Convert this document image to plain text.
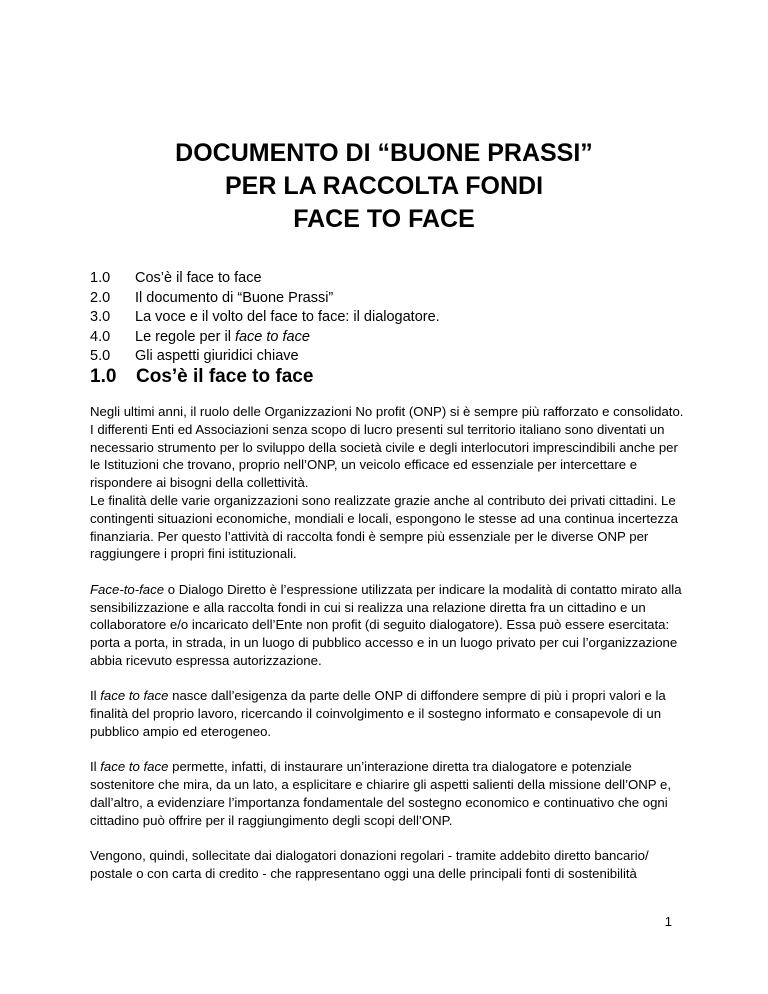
DOCUMENTO DI “BUONE PRASSI”
PER LA RACCOLTA FONDI
FACE TO FACE
1.0	Cos’è il face to face
2.0	Il documento di “Buone Prassi”
3.0	La voce e il volto del face to face: il dialogatore.
4.0	Le regole per il face to face
5.0	Gli aspetti giuridici chiave
1.0 Cos’è il face to face

Negli ultimi anni, il ruolo delle Organizzazioni No profit (ONP) si è sempre più rafforzato e consolidato. I differenti Enti ed Associazioni senza scopo di lucro presenti sul territorio italiano sono diventati un necessario strumento per lo sviluppo della società civile e degli interlocutori imprescindibili anche per le Istituzioni che trovano, proprio nell’ONP, un veicolo efficace ed essenziale per intercettare e rispondere ai bisogni della collettività.

Le finalità delle varie organizzazioni sono realizzate grazie anche al contributo dei privati cittadini. Le contingenti situazioni economiche, mondiali e locali, espongono le stesse ad una continua incertezza finanziaria. Per questo l’attività di raccolta fondi è sempre più essenziale per le diverse ONP per raggiungere i propri fini istituzionali.

Face-to-face o Dialogo Diretto è l’espressione utilizzata per indicare la modalità di contatto mirato alla sensibilizzazione e alla raccolta fondi in cui si realizza una relazione diretta fra un cittadino e un collaboratore e/o incaricato dell’Ente non profit (di seguito dialogatore). Essa può essere esercitata: porta a porta, in strada, in un luogo di pubblico accesso e in un luogo privato per cui l’organizzazione abbia ricevuto espressa autorizzazione.

Il face to face nasce dall’esigenza da parte delle ONP di diffondere sempre di più i propri valori e la finalità del proprio lavoro, ricercando il coinvolgimento e il sostegno informato e consapevole di un pubblico ampio ed eterogeneo.

Il face to face permette, infatti, di instaurare un’interazione diretta tra dialogatore e potenziale sostenitore che mira, da un lato, a esplicitare e chiarire gli aspetti salienti della missione dell’ONP e, dall’altro, a evidenziare l’importanza fondamentale del sostegno economico e continuativo che ogni cittadino può offrire per il raggiungimento degli scopi dell’ONP.

Vengono, quindi, sollecitate dai dialogatori donazioni regolari - tramite addebito diretto bancario/ postale o con carta di credito - che rappresentano oggi una delle principali fonti di sostenibilità

1
